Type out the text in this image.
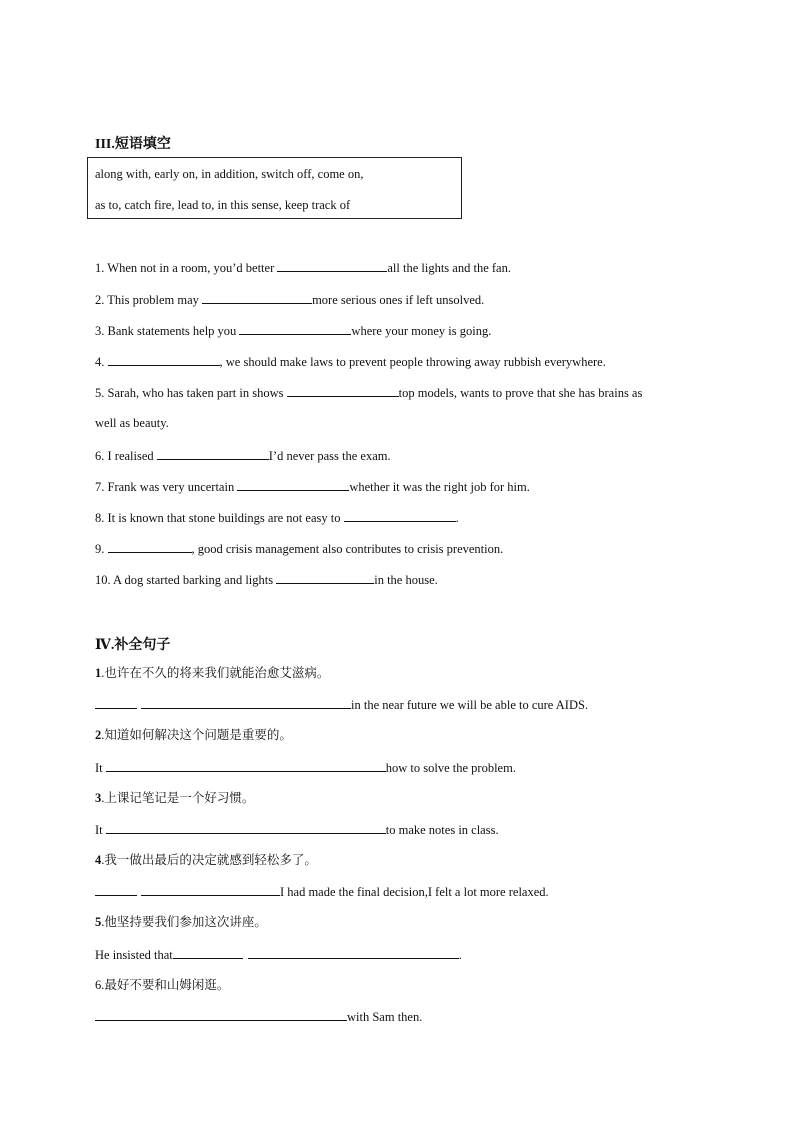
III.短语填空
along with, early on, in addition, switch off, come on,
as to, catch fire, lead to, in this sense, keep track of
1. When not in a room, you’d better	all the lights and the fan.
2. This problem may	more serious ones if left unsolved.
3. Bank statements help you	where your money is going.
4.	, we should make laws to prevent people throwing away rubbish everywhere.
5. Sarah, who has taken part in shows	top models, wants to prove that she has brains as
well as beauty.
6. I realised	I’d never pass the exam.
7. Frank was very uncertain	whether it was the right job for him.
8. It is known that stone buildings are not easy to	.
9.	, good crisis management also contributes to crisis prevention.
10. A dog started barking and lights	in the house.
Ⅳ.补全句子
1.也许在不久的将来我们就能治愈艾滋病。
in the near future we will be able to cure AIDS.
2.知道如何解决这个问题是重要的。
It	how to solve the problem.
3.上课记笔记是一个好习惯。
It	to make notes in class.
4.我一做出最后的决定就感到轻松多了。
I had made the final decision,I felt a lot more relaxed.
5.他坚持要我们参加这次讲座。
He insisted that	.
6.最好不要和山姆闲逛。
with Sam then.
